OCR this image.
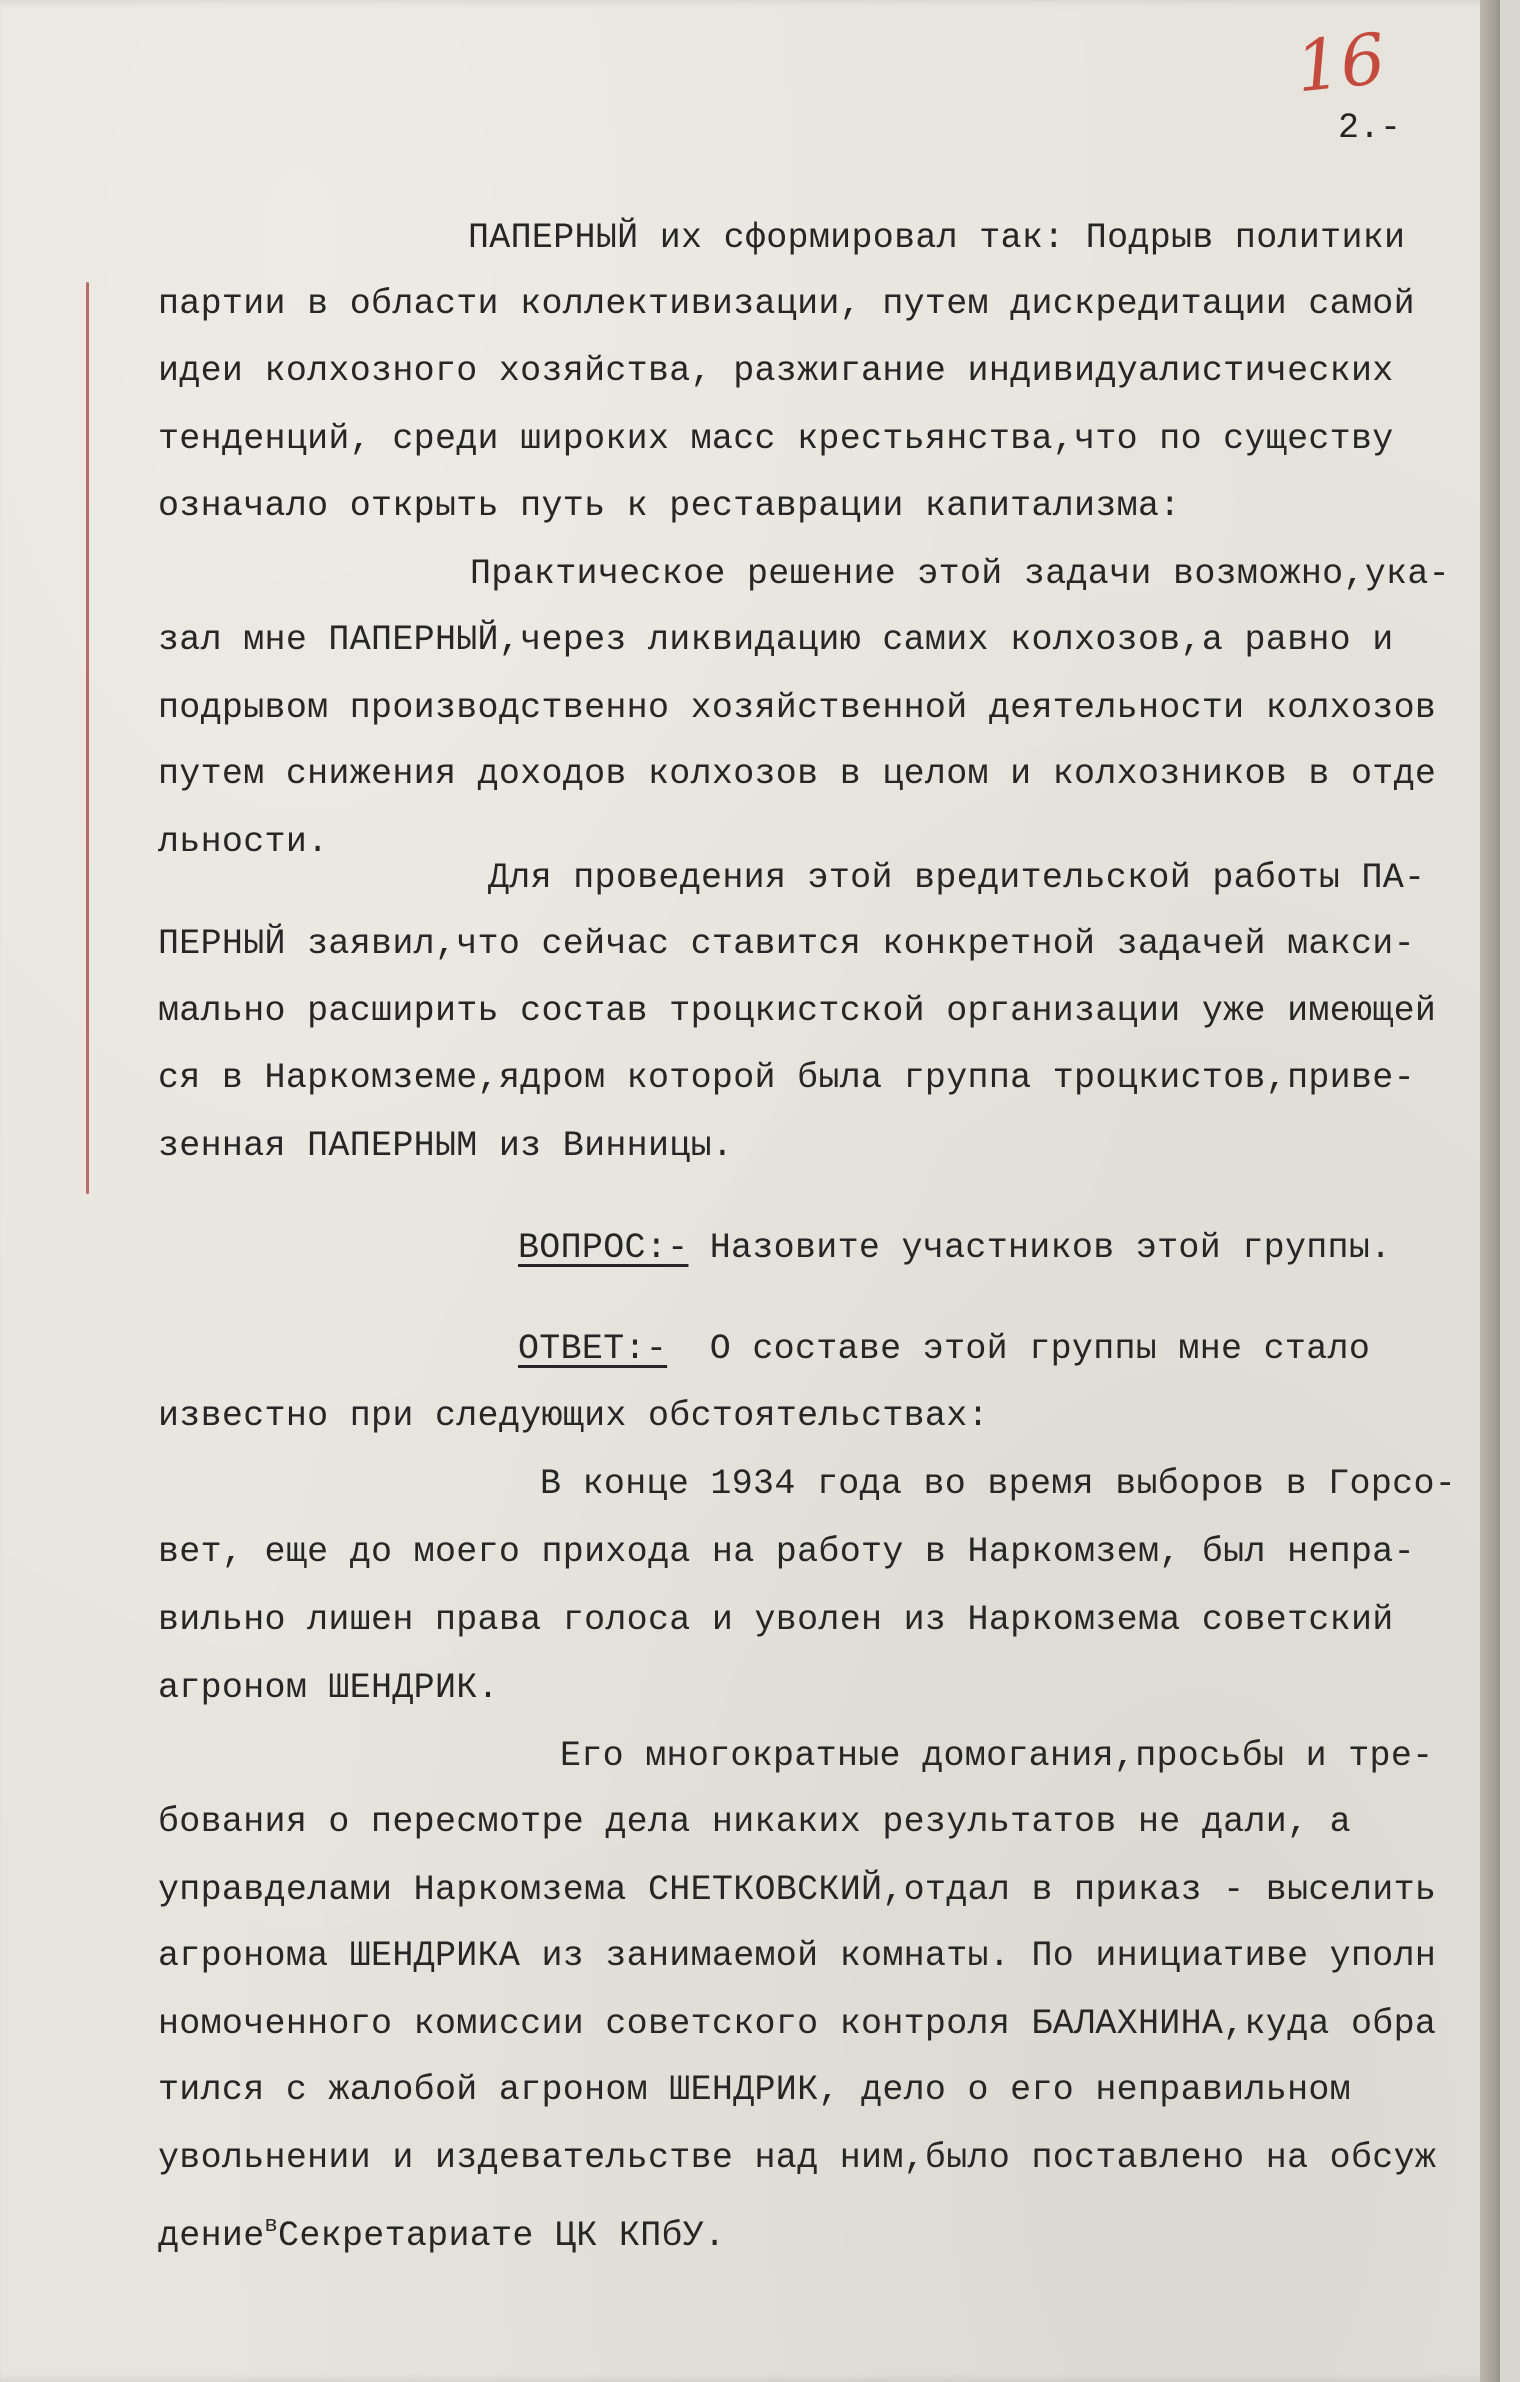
16
2.-
ПАПЕРНЫЙ их сформировал так: Подрыв политики
партии в области коллективизации, путем дискредитации самой
идеи колхозного хозяйства, разжигание индивидуалистических
тенденций, среди широких масс крестьянства,что по существу
означало открыть путь к реставрации капитализма:
Практическое решение этой задачи возможно,ука-
зал мне ПАПЕРНЫЙ,через ликвидацию самих колхозов,а равно и
подрывом производственно хозяйственной деятельности колхозов
путем снижения доходов колхозов в целом и колхозников в отде
льности.
Для проведения этой вредительской работы ПА-
ПЕРНЫЙ заявил,что сейчас ставится конкретной задачей макси-
мально расширить состав троцкистской организации уже имеющей
ся в Наркомземе,ядром которой была группа троцкистов,приве-
зенная ПАПЕРНЫМ из Винницы.
ВОПРОС:- Назовите участников этой группы.
ОТВЕТ:- О составе этой группы мне стало
известно при следующих обстоятельствах:
В конце 1934 года во время выборов в Горсо-
вет, еще до моего прихода на работу в Наркомзем, был непра-
вильно лишен права голоса и уволен из Наркомзема советский
агроном ШЕНДРИК.
Его многократные домогания,просьбы и тре-
бования о пересмотре дела никаких результатов не дали, а
управделами Наркомзема СНЕТКОВСКИЙ,отдал в приказ - выселить
агронома ШЕНДРИКА из занимаемой комнаты. По инициативе уполн
номоченного комиссии советского контроля БАЛАХНИНА,куда обра
тился с жалобой агроном ШЕНДРИК, дело о его неправильном
увольнении и издевательстве над ним,было поставлено на обсуж
дение$^в$Секретариате ЦК КПбУ.
